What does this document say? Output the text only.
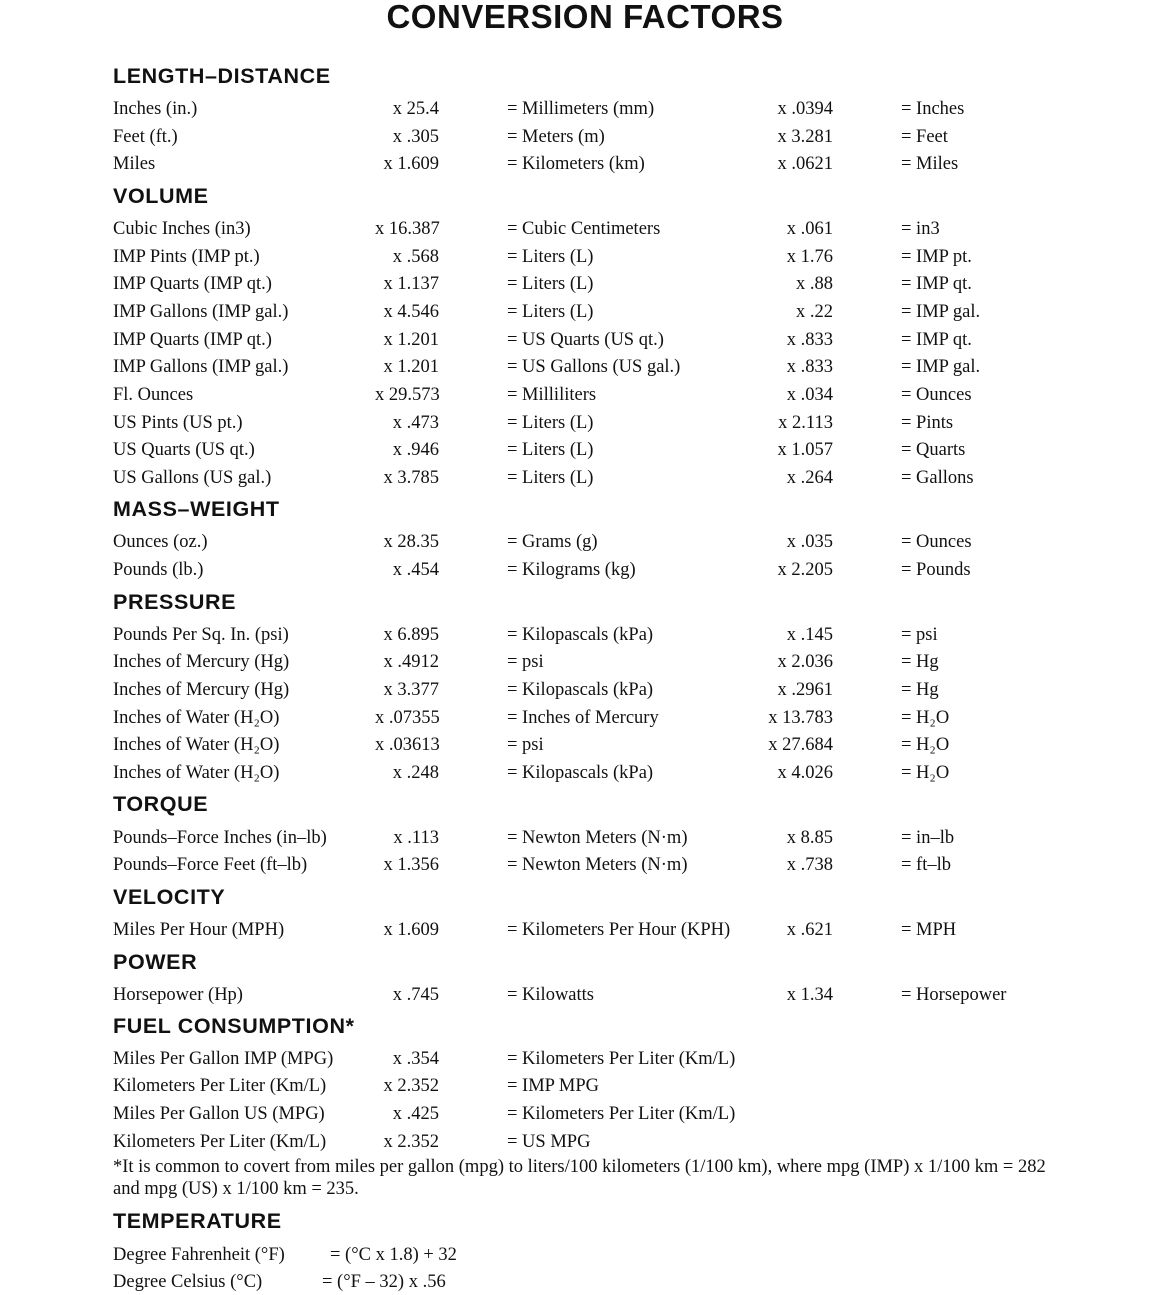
CONVERSION FACTORS
LENGTH–DISTANCE
Inches (in.)	x 25.4	= Millimeters (mm)	x .0394	= Inches
Feet (ft.)	x .305	= Meters (m)	x 3.281	= Feet
Miles	x 1.609	= Kilometers (km)	x .0621	= Miles
VOLUME
Cubic Inches (in3)	x 16.387	= Cubic Centimeters	x .061	= in3
IMP Pints (IMP pt.)	x .568	= Liters (L)	x 1.76	= IMP pt.
IMP Quarts (IMP qt.)	x 1.137	= Liters (L)	x .88	= IMP qt.
IMP Gallons (IMP gal.)	x 4.546	= Liters (L)	x .22	= IMP gal.
IMP Quarts (IMP qt.)	x 1.201	= US Quarts (US qt.)	x .833	= IMP qt.
IMP Gallons (IMP gal.)	x 1.201	= US Gallons (US gal.)	x .833	= IMP gal.
Fl. Ounces	x 29.573	= Milliliters	x .034	= Ounces
US Pints (US pt.)	x .473	= Liters (L)	x 2.113	= Pints
US Quarts (US qt.)	x .946	= Liters (L)	x 1.057	= Quarts
US Gallons (US gal.)	x 3.785	= Liters (L)	x .264	= Gallons
MASS–WEIGHT
Ounces (oz.)	x 28.35	= Grams (g)	x .035	= Ounces
Pounds (lb.)	x .454	= Kilograms (kg)	x 2.205	= Pounds
PRESSURE
Pounds Per Sq. In. (psi)	x 6.895	= Kilopascals (kPa)	x .145	= psi
Inches of Mercury (Hg)	x .4912	= psi	x 2.036	= Hg
Inches of Mercury (Hg)	x 3.377	= Kilopascals (kPa)	x .2961	= Hg
Inches of Water (H₂O)	x .07355	= Inches of Mercury	x 13.783	= H₂O
Inches of Water (H₂O)	x .03613	= psi	x 27.684	= H₂O
Inches of Water (H₂O)	x .248	= Kilopascals (kPa)	x 4.026	= H₂O
TORQUE
Pounds–Force Inches (in–lb)	x .113	= Newton Meters (N·m)	x 8.85	= in–lb
Pounds–Force Feet (ft–lb)	x 1.356	= Newton Meters (N·m)	x .738	= ft–lb
VELOCITY
Miles Per Hour (MPH)	x 1.609	= Kilometers Per Hour (KPH)	x .621	= MPH
POWER
Horsepower (Hp)	x .745	= Kilowatts	x 1.34	= Horsepower
FUEL CONSUMPTION*
Miles Per Gallon IMP (MPG)	x .354	= Kilometers Per Liter (Km/L)
Kilometers Per Liter (Km/L)	x 2.352	= IMP MPG
Miles Per Gallon US (MPG)	x .425	= Kilometers Per Liter (Km/L)
Kilometers Per Liter (Km/L)	x 2.352	= US MPG
*It is common to covert from miles per gallon (mpg) to liters/100 kilometers (1/100 km), where mpg (IMP) x 1/100 km = 282 and mpg (US) x 1/100 km = 235.
TEMPERATURE
Degree Fahrenheit (°F) = (°C x 1.8) + 32
Degree Celsius (°C)	= (°F – 32) x .56
